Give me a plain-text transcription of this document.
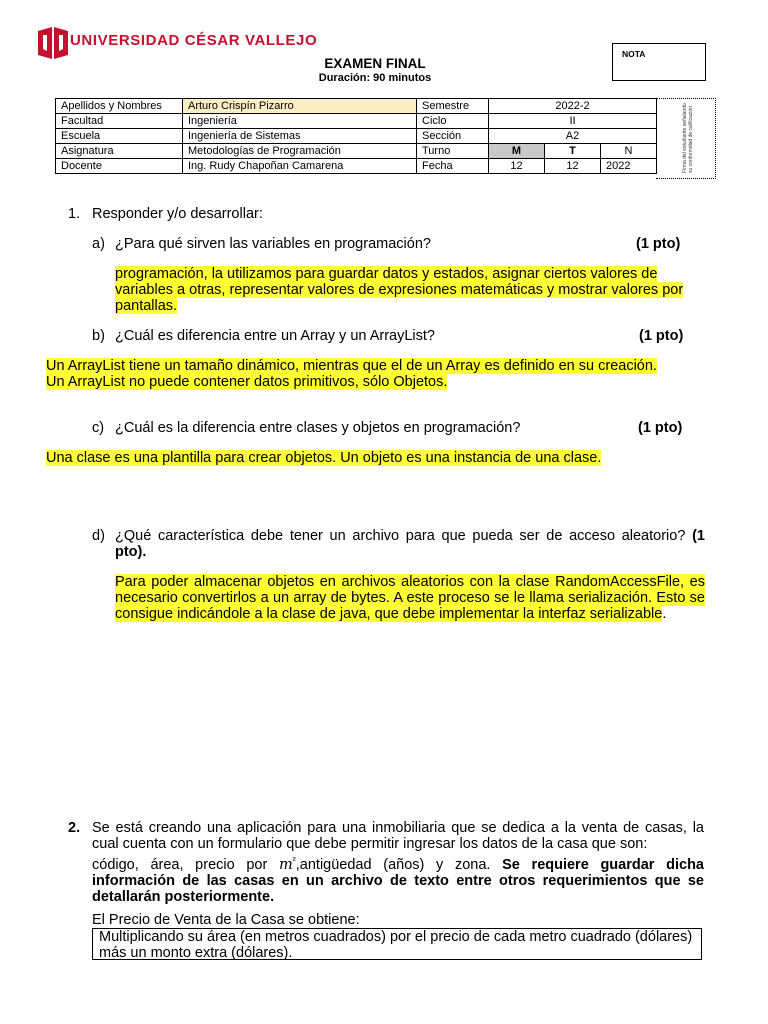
UNIVERSIDAD CÉSAR VALLEJO
NOTA
EXAMEN FINAL
Duración: 90 minutos
Apellidos y Nombres	Arturo Crispín Pizarro	Semestre	2022-2		
Facultad	Ingeniería	Ciclo	II		
Escuela	Ingeniería de Sistemas	Sección	A2		
Asignatura	Metodologías de Programación	Turno	M	T	N
Docente	Ing. Rudy Chapoñan Camarena	Fecha	12	12	2022	Firma del estudiante señalando su conformidad de calificación
1. Responder y/o desarrollar:
a) ¿Para qué sirven las variables en programación?	(1 pto)
programación, la utilizamos para guardar datos y estados, asignar ciertos valores de variables a otras, representar valores de expresiones matemáticas y mostrar valores por pantallas.
b) ¿Cuál es diferencia entre un Array y un ArrayList?	(1 pto)
Un ArrayList tiene un tamaño dinámico, mientras que el de un Array es definido en su creación.
Un ArrayList no puede contener datos primitivos, sólo Objetos.
c) ¿Cuál es la diferencia entre clases y objetos en programación?	(1 pto)
Una clase es una plantilla para crear objetos. Un objeto es una instancia de una clase.
d) ¿Qué característica debe tener un archivo para que pueda ser de acceso aleatorio? (1 pto).
Para poder almacenar objetos en archivos aleatorios con la clase RandomAccessFile, es necesario convertirlos a un array de bytes. A este proceso se le llama serialización. Esto se consigue indicándole a la clase de java, que debe implementar la interfaz serializable.
2. Se está creando una aplicación para una inmobiliaria que se dedica a la venta de casas, la cual cuenta con un formulario que debe permitir ingresar los datos de la casa que son:
código, área, precio por $m^{^2},antigüedad$ (años) y zona. Se requiere guardar dicha información de las casas en un archivo de texto entre otros requerimientos que se detallarán posteriormente.
El Precio de Venta de la Casa se obtiene:
Multiplicando su área (en metros cuadrados) por el precio de cada metro cuadrado (dólares) más un monto extra (dólares).
